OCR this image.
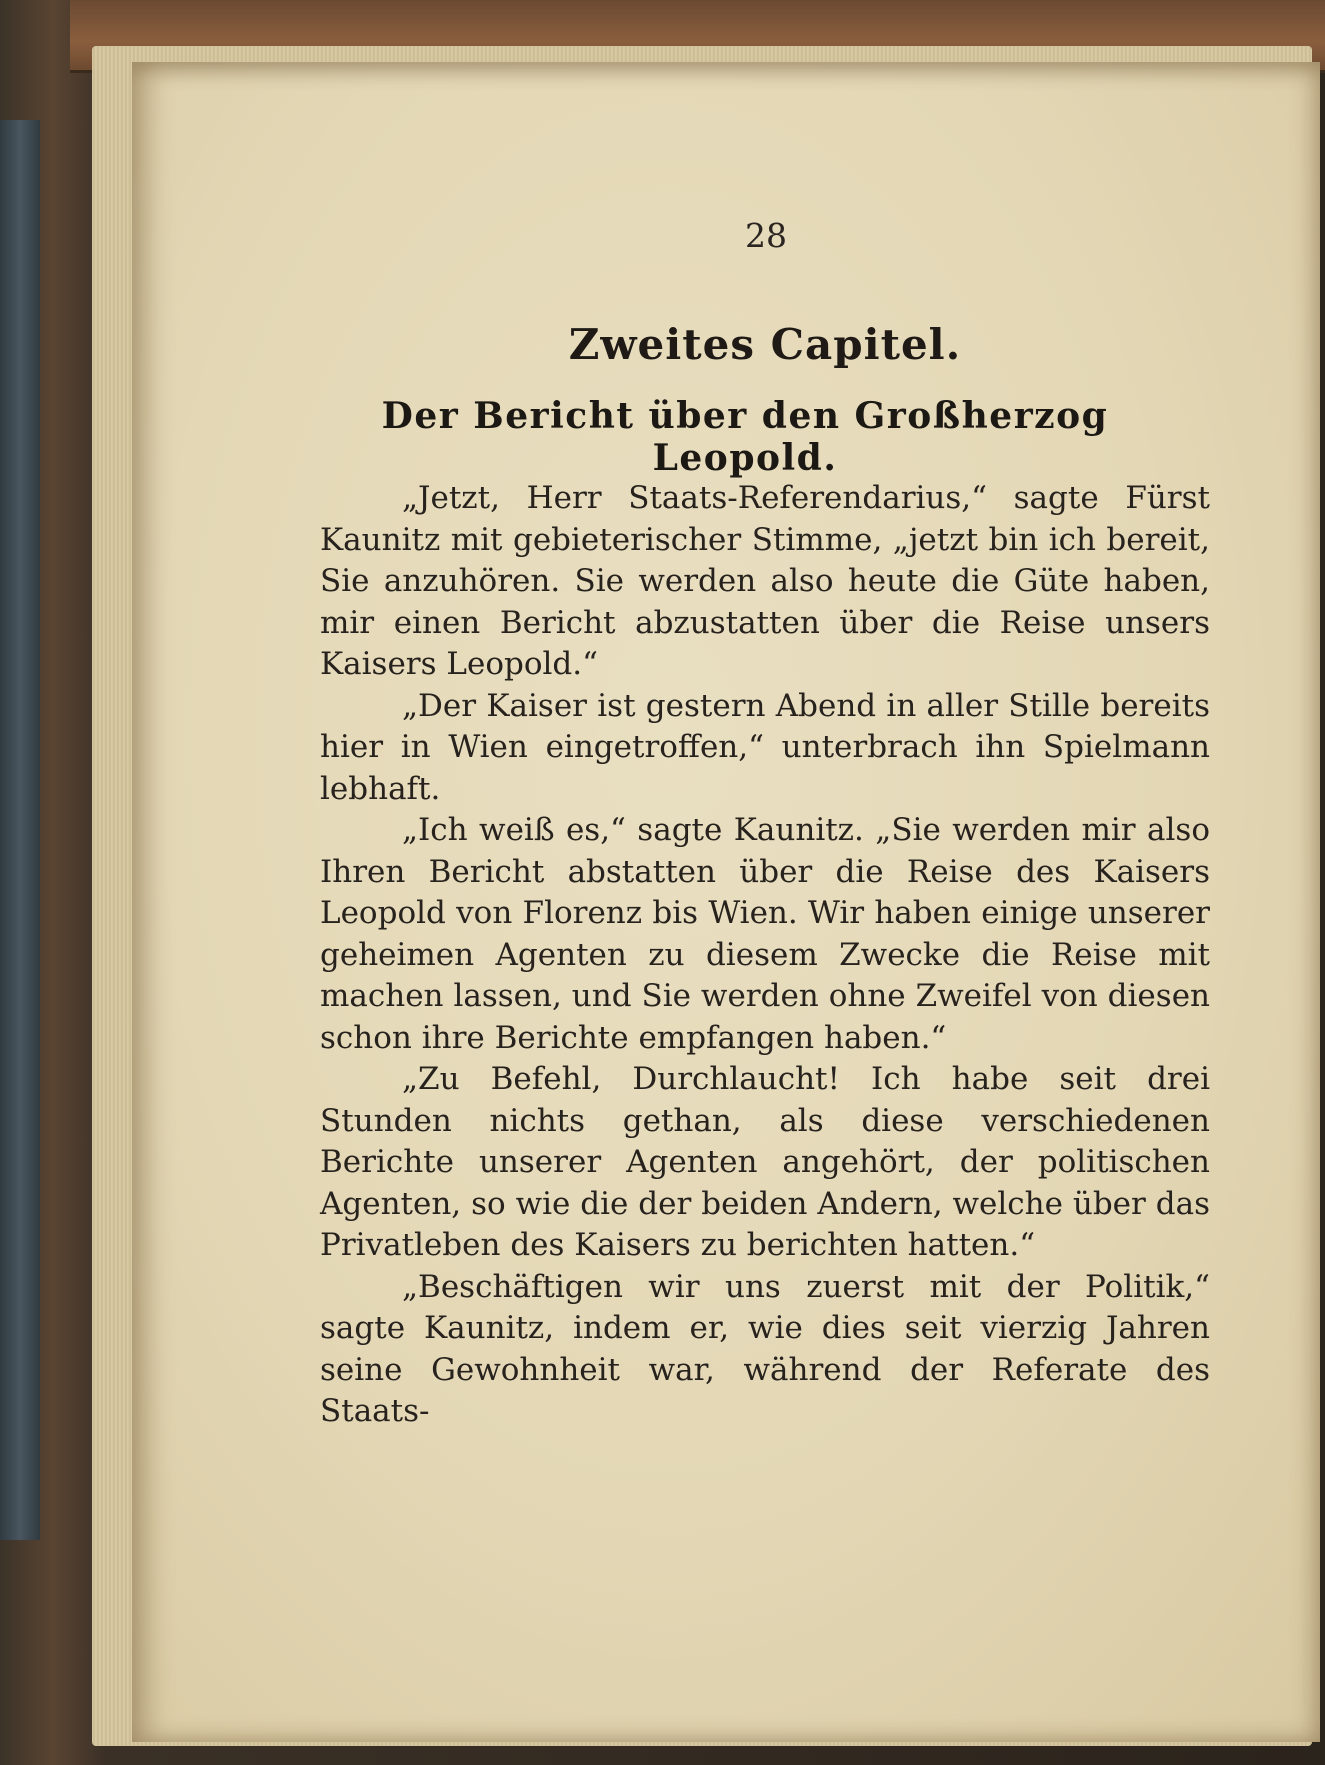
28
Zweites Capitel.
Der Bericht über den Großherzog Leopold.

„Jetzt, Herr Staats-Referendarius,“ sagte Fürst Kaunitz mit gebieterischer Stimme, „jetzt bin ich bereit, Sie anzuhören. Sie werden also heute die Güte haben, mir einen Bericht abzustatten über die Reise unsers Kaisers Leopold.“

„Der Kaiser ist gestern Abend in aller Stille bereits hier in Wien eingetroffen,“ unterbrach ihn Spielmann lebhaft.

„Ich weiß es,“ sagte Kaunitz. „Sie werden mir also Ihren Bericht abstatten über die Reise des Kaisers Leopold von Florenz bis Wien. Wir haben einige unserer geheimen Agenten zu diesem Zwecke die Reise mit machen lassen, und Sie werden ohne Zweifel von diesen schon ihre Berichte empfangen haben.“

„Zu Befehl, Durchlaucht! Ich habe seit drei Stunden nichts gethan, als diese verschiedenen Berichte unserer Agenten angehört, der politischen Agenten, so wie die der beiden Andern, welche über das Privatleben des Kaisers zu berichten hatten.“

„Beschäftigen wir uns zuerst mit der Politik,“ sagte Kaunitz, indem er, wie dies seit vierzig Jahren seine Gewohnheit war, während der Referate des Staats-
